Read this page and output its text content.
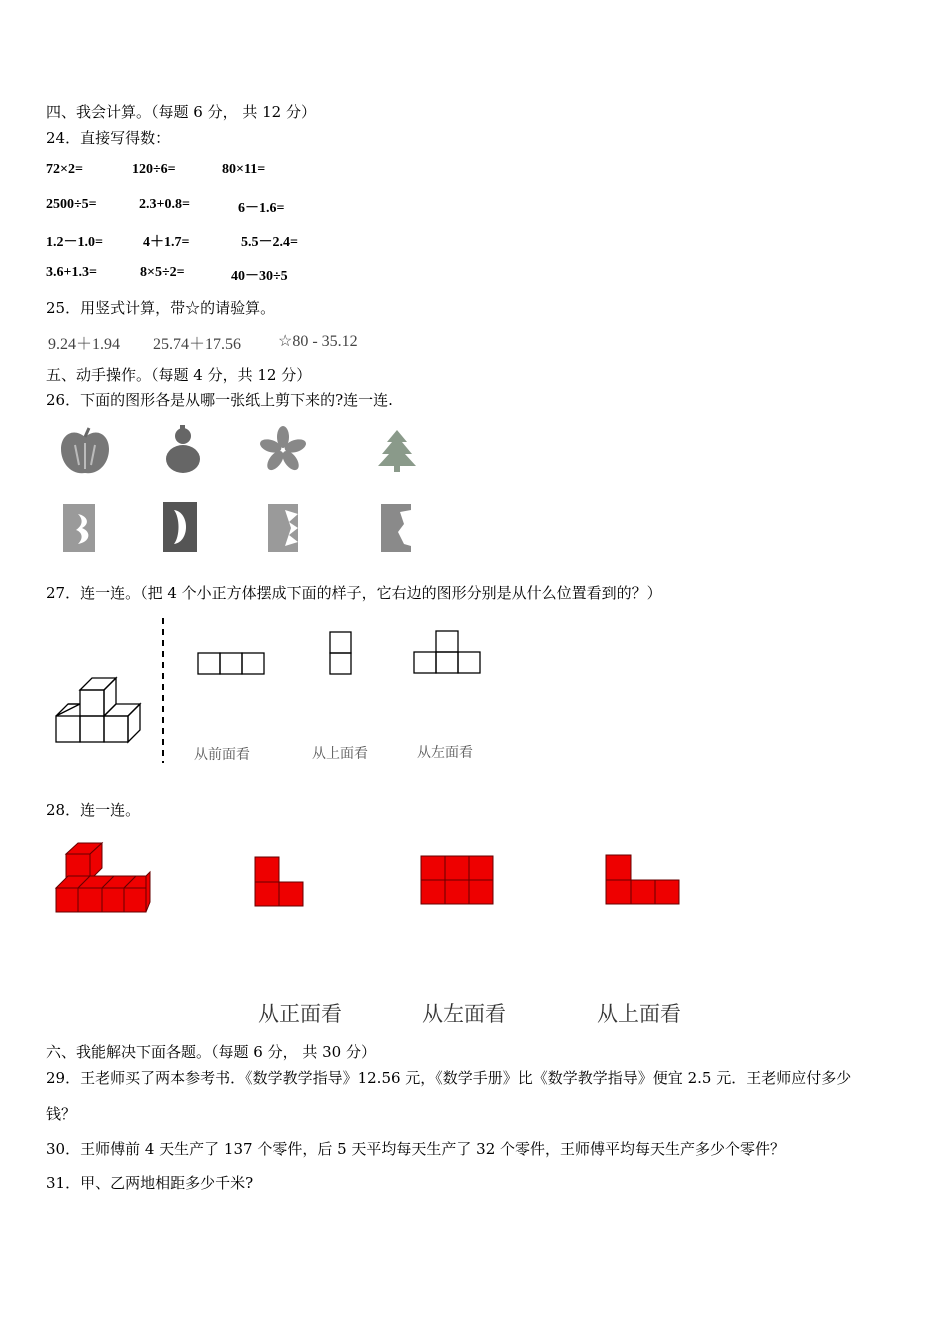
四、我会计算。（每题 6 分， 共 12 分）
24．直接写得数：
72×2=	120÷6=	80×11=
2500÷5=	2.3+0.8=	6－1.6=
1.2－1.0=	4＋1.7=	5.5－2.4=
3.6+1.3=	8×5÷2=	40－30÷5
25．用竖式计算，带☆的请验算。
9.24＋1.94 25.74＋17.56 ☆80 - 35.12
五、动手操作。（每题 4 分，共 12 分）
26．下面的图形各是从哪一张纸上剪下来的?连一连.
27．连一连。（把 4 个小正方体摆成下面的样子，它右边的图形分别是从什么位置看到的？）
从前面看	从上面看	从左面看
28．连一连。
从正面看	从左面看	从上面看
六、我能解决下面各题。（每题 6 分， 共 30 分）
29．王老师买了两本参考书．《数学教学指导》12.56 元，《数学手册》比《数学教学指导》便宜 2.5 元．王老师应付多少
钱？
30．王师傅前 4 天生产了 137 个零件，后 5 天平均每天生产了 32 个零件，王师傅平均每天生产多少个零件？
31．甲、乙两地相距多少千米?
